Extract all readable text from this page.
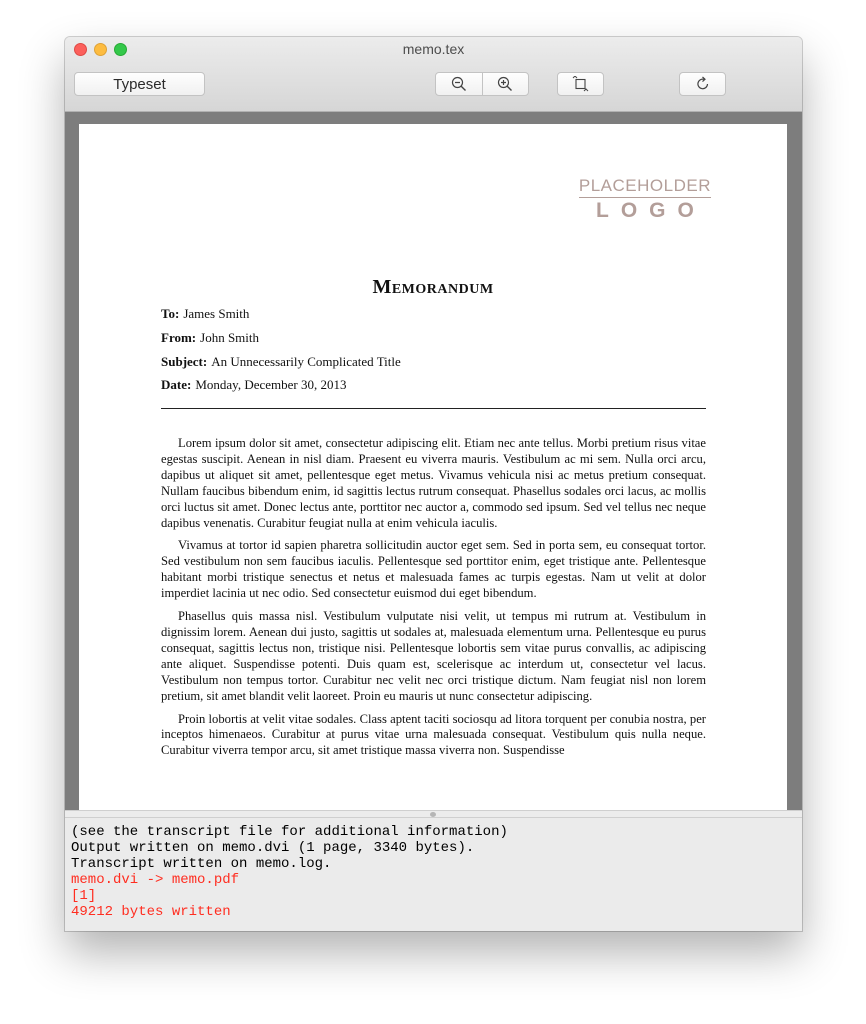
memo.tex
Typeset
PLACEHOLDER
LOGO
Memorandum
To: James Smith
From: John Smith
Subject: An Unnecessarily Complicated Title
Date: Monday, December 30, 2013

Lorem ipsum dolor sit amet, consectetur adipiscing elit. Etiam nec ante tellus. Morbi pretium risus vitae egestas suscipit. Aenean in nisl diam. Praesent eu viverra mauris. Vestibulum ac mi sem. Nulla orci arcu, dapibus ut aliquet sit amet, pellentesque eget metus. Vivamus vehicula nisi ac metus pretium consequat. Nullam faucibus bibendum enim, id sagittis lectus rutrum consequat. Phasellus sodales orci lacus, ac mollis orci luctus sit amet. Donec lectus ante, porttitor nec auctor a, commodo sed ipsum. Sed vel tellus nec neque dapibus venenatis. Curabitur feugiat nulla at enim vehicula iaculis.

Vivamus at tortor id sapien pharetra sollicitudin auctor eget sem. Sed in porta sem, eu consequat tortor. Sed vestibulum non sem faucibus iaculis. Pellentesque sed porttitor enim, eget tristique ante. Pellentesque habitant morbi tristique senectus et netus et malesuada fames ac turpis egestas. Nam ut velit at dolor imperdiet lacinia ut nec odio. Sed consectetur euismod dui eget bibendum.

Phasellus quis massa nisl. Vestibulum vulputate nisi velit, ut tempus mi rutrum at. Vestibulum in dignissim lorem. Aenean dui justo, sagittis ut sodales at, malesuada elementum urna. Pellentesque eu purus consequat, sagittis lectus non, tristique nisi. Pellentesque lobortis sem vitae purus convallis, ac adipiscing ante aliquet. Suspendisse potenti. Duis quam est, scelerisque ac interdum ut, consectetur vel lacus. Vestibulum non tempus tortor. Curabitur nec velit nec orci tristique dictum. Nam feugiat nisl non lorem pretium, sit amet blandit velit laoreet. Proin eu mauris ut nunc consectetur adipiscing.

Proin lobortis at velit vitae sodales. Class aptent taciti sociosqu ad litora torquent per conubia nostra, per inceptos himenaeos. Curabitur at purus vitae urna malesuada consequat. Vestibulum quis nulla neque. Curabitur viverra tempor arcu, sit amet tristique massa viverra non. Suspendisse

(see the transcript file for additional information)
Output written on memo.dvi (1 page, 3340 bytes).
Transcript written on memo.log.
memo.dvi -> memo.pdf
[1]
49212 bytes written
